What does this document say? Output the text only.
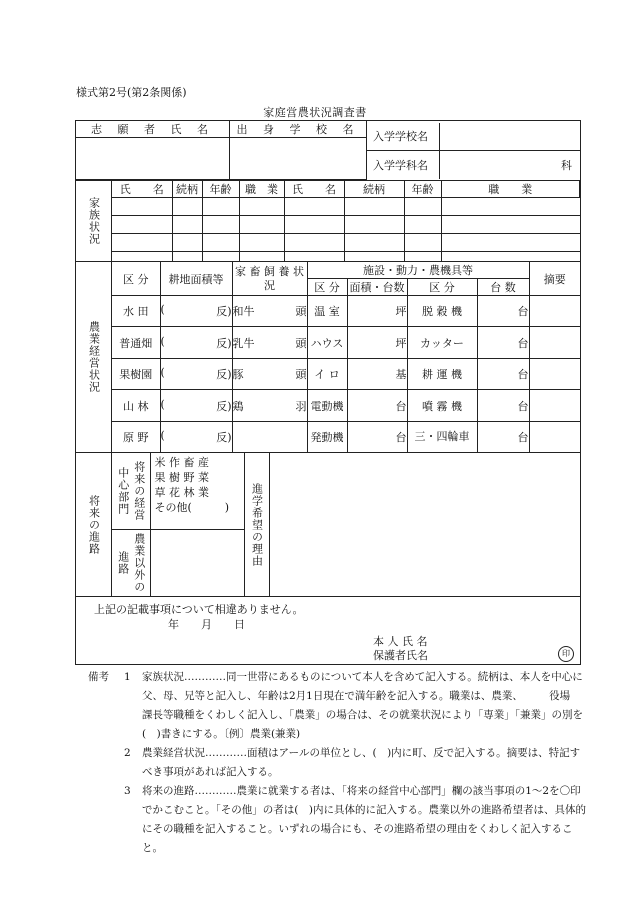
様式第2号(第2条関係)
家庭営農状況調査書
志 願 者 氏 名	出 身 学 校 名	
入学学校名	
入学学科名	科

家族状況

氏　　 名	続柄	年齢	職　 業	氏　　 名	続柄	年齢	職　　 業

農業経営状況

区 分	耕地面積等	家 畜 飼 養 状 況	施設・動力・農機具等	摘要
区 分	面積・台数	区 分	台 数
水 田	(	反)	和牛	頭	温 室	坪	脱 穀 機	台	
普通畑	(	反)	乳牛	頭	ハウス	坪	カッター	台	
果樹園	(	反)	豚	頭	イ ロ	基	耕 運 機	台	
山 林	(	反)	鶏	羽	電動機	台	噴 霧 機	台	
原 野	(	反)		発動機	台	三・四輪車	台	

将来の進路

将来の経営中心部門

米 作 畜 産
果 樹 野 菜
草 花 林 業
その他(　　　)	進学希望の理由

農業以外の進路

上記の記載事項について相違ありません。
年　　月　　日
本 人 氏 名
保護者氏名	印
備考	1	家族状況…………同一世帯にあるものについて本人を含めて記入する。続柄は、本人を中心に父、母、兄等と記入し、年齢は2月1日現在で満年齢を記入する。職業は、農業、　　　役場　　課長等職種をくわしく記入し、「農業」の場合は、その就業状況により「専業」「兼業」の別を(　)書きにする。〔例〕農業(兼業)
2	農業経営状況…………面積はアールの単位とし、(　)内に町、反で記入する。摘要は、特記すべき事項があれば記入する。
3	将来の進路…………農業に就業する者は、「将来の経営中心部門」欄の該当事項の1～2を〇印でかこむこと。「その他」の者は(　)内に具体的に記入する。農業以外の進路希望者は、具体的にその職種を記入すること。いずれの場合にも、その進路希望の理由をくわしく記入すること。
